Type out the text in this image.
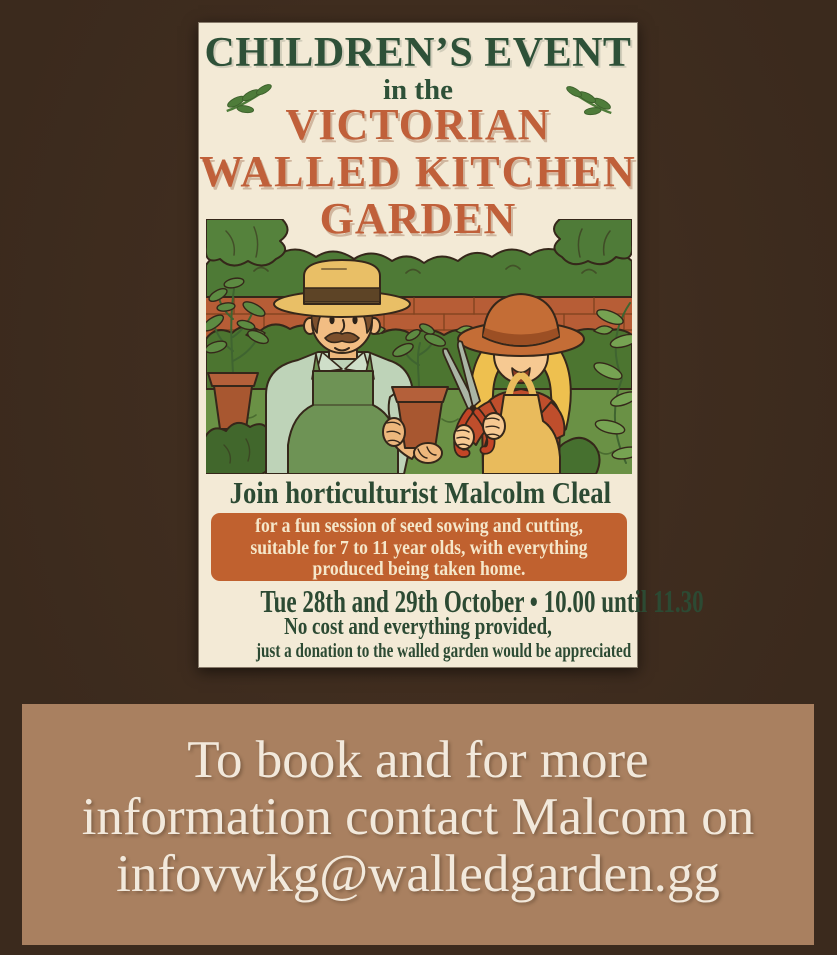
CHILDREN’S EVENT
in the
VICTORIAN
WALLED KITCHEN
GARDEN
Join horticulturist Malcolm Cleal
for a fun session of seed sowing and cutting,
suitable for 7 to 11 year olds, with everything
produced being taken home.
Tue 28th and 29th October • 10.00 until 11.30
No cost and everything provided,
just a donation to the walled garden would be appreciated
To book and for more
information contact Malcom on
infovwkg@walledgarden.gg
